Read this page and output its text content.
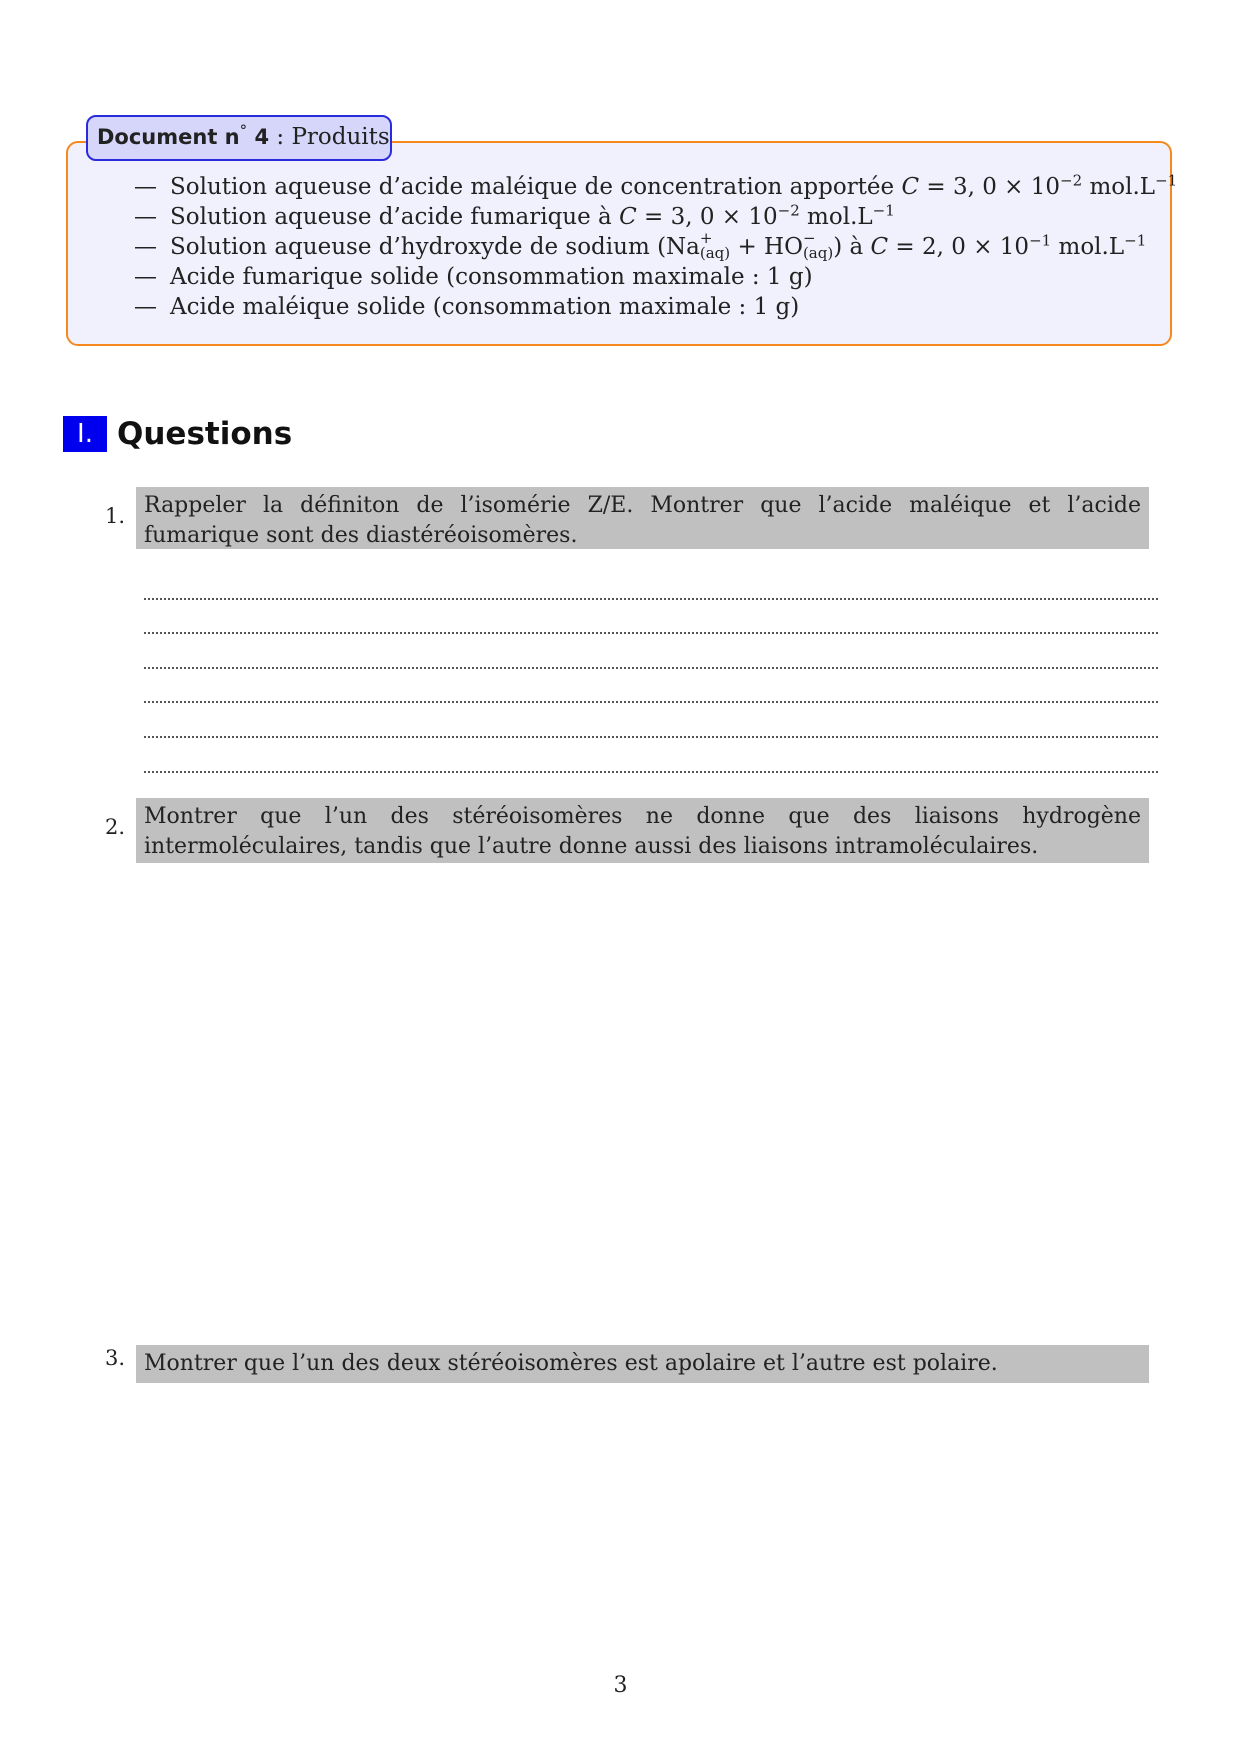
Document n° 4 : Produits
— Solution aqueuse d’acide maléique de concentration apportée C = 3, $0 \times 10^{-2}$ $mol.L^{-1}$
— Solution aqueuse d’acide fumarique à C = 3, $0 \times 10^{-2}$ $mol.L^{-1}$
— Solution aqueuse d’hydroxyde de sodium (Na +
(aq) + HO −
(aq) ) à C = 2, $0 \times 10^{-1}$ $mol.L^{-1}$
— Acide fumarique solide (consommation maximale : 1 g)
— Acide maléique solide (consommation maximale : 1 g)
I. Questions
1. Rappeler la définiton de l’isomérie Z/E. Montrer que l’acide maléique et l’acide fumarique sont des diastéréoisomères.
2. Montrer que l’un des stéréoisomères ne donne que des liaisons hydrogène intermoléculaires, tandis que l’autre donne aussi des liaisons intramoléculaires.
3. Montrer que l’un des deux stéréoisomères est apolaire et l’autre est polaire.
3
